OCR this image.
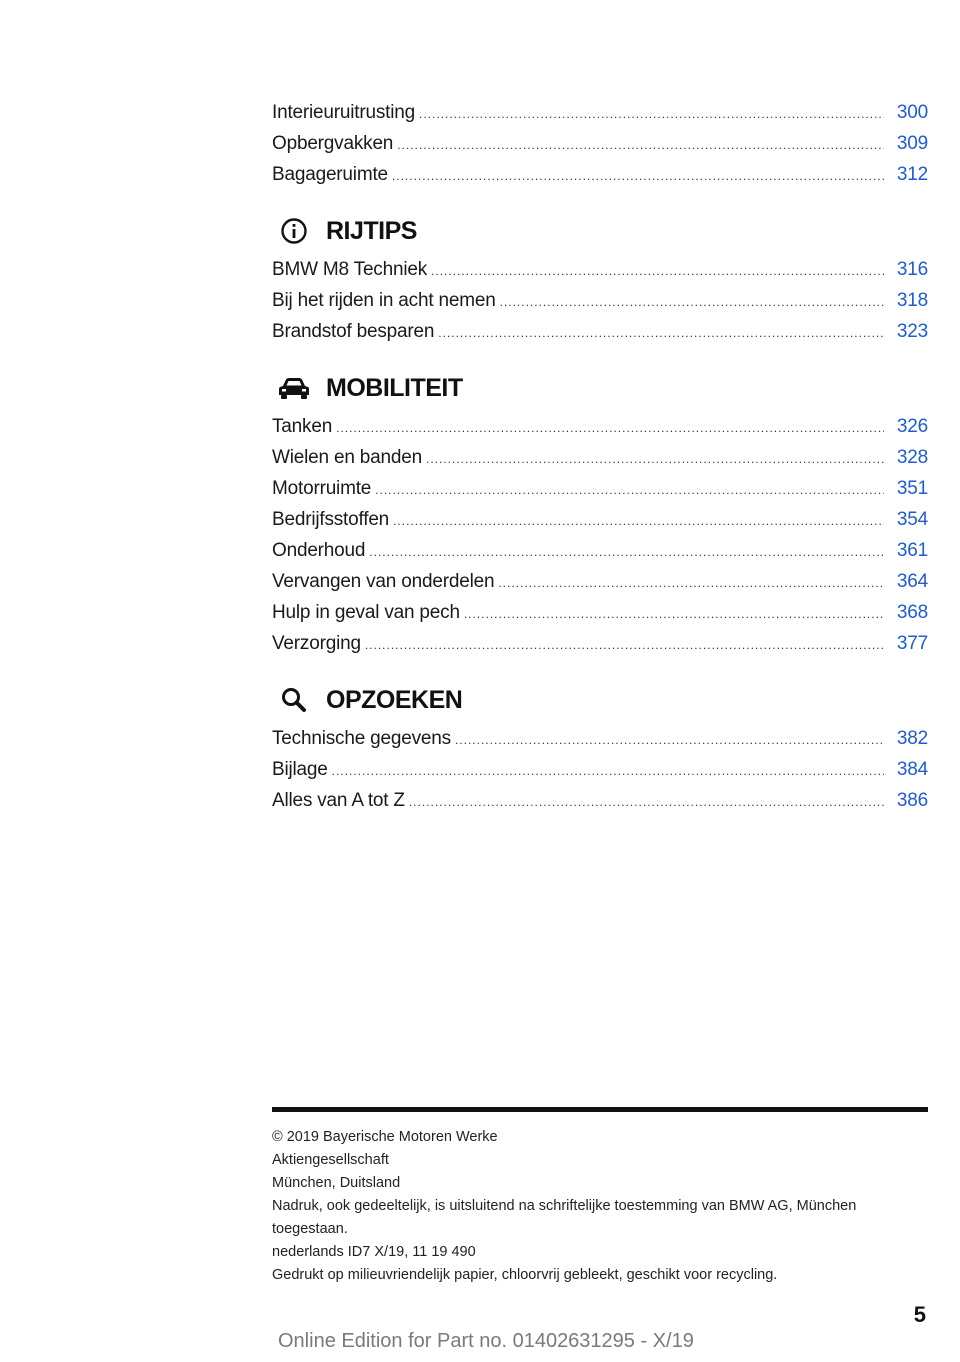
Interieuruitrusting .....	300
Opbergvakken .....	309
Bagageruimte .....	312
RIJTIPS
BMW M8 Techniek .....	316
Bij het rijden in acht nemen .....	318
Brandstof besparen .....	323
MOBILITEIT
Tanken .....	326
Wielen en banden .....	328
Motorruimte .....	351
Bedrijfsstoffen .....	354
Onderhoud .....	361
Vervangen van onderdelen .....	364
Hulp in geval van pech .....	368
Verzorging .....	377
OPZOEKEN
Technische gegevens .....	382
Bijlage .....	384
Alles van A tot Z .....	386
© 2019 Bayerische Motoren Werke
Aktiengesellschaft
München, Duitsland
Nadruk, ook gedeeltelijk, is uitsluitend na schriftelijke toestemming van BMW AG, München
toegestaan.
nederlands ID7 X/19, 11 19 490
Gedrukt op milieuvriendelijk papier, chloorvrij gebleekt, geschikt voor recycling.
5
Online Edition for Part no. 01402631295 - X/19
